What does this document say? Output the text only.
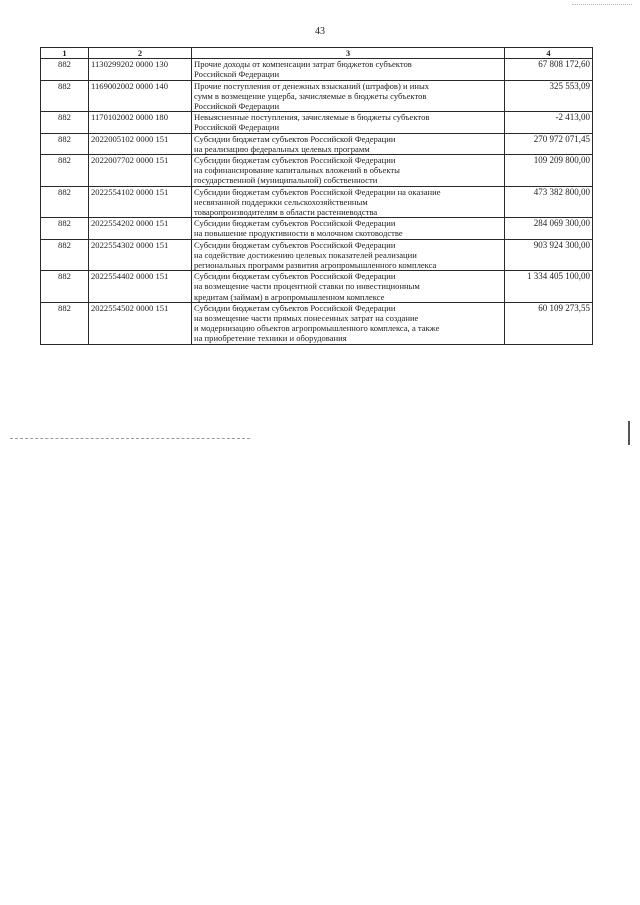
43
1	2	3	4
882	1130299202 0000 130	Прочие доходы от компенсации затрат бюджетов субъектов
Российской Федерации	67 808 172,60
882	1169002002 0000 140	Прочие поступления от денежных взысканий (штрафов) и иных
сумм в возмещение ущерба, зачисляемые в бюджеты субъектов
Российской Федерации	325 553,09
882	1170102002 0000 180	Невыясненные поступления, зачисляемые в бюджеты субъектов
Российской Федерации	-2 413,00
882	2022005102 0000 151	Субсидии бюджетам субъектов Российской Федерации
на реализацию федеральных целевых программ	270 972 071,45
882	2022007702 0000 151	Субсидии бюджетам субъектов Российской Федерации
на софинансирование капитальных вложений в объекты
государственной (муниципальной) собственности	109 209 800,00
882	2022554102 0000 151	Субсидии бюджетам субъектов Российской Федерации на оказание
несвязанной поддержки сельскохозяйственным
товаропроизводителям в области растениеводства	473 382 800,00
882	2022554202 0000 151	Субсидии бюджетам субъектов Российской Федерации
на повышение продуктивности в молочном скотоводстве	284 069 300,00
882	2022554302 0000 151	Субсидии бюджетам субъектов Российской Федерации
на содействие достижению целевых показателей реализации
региональных программ развития агропромышленного комплекса	903 924 300,00
882	2022554402 0000 151	Субсидии бюджетам субъектов Российской Федерации
на возмещение части процентной ставки по инвестиционным
кредитам (займам) в агропромышленном комплексе	1 334 405 100,00
882	2022554502 0000 151	Субсидии бюджетам субъектов Российской Федерации
на возмещение части прямых понесенных затрат на создание
и модернизацию объектов агропромышленного комплекса, а также
на приобретение техники и оборудования	60 109 273,55
